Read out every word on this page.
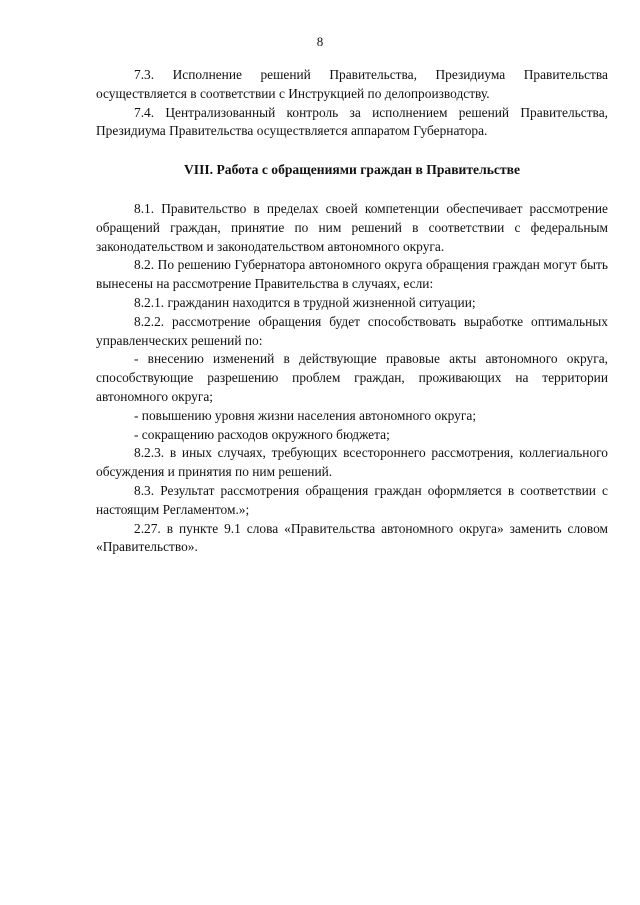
8

7.3. Исполнение решений Правительства, Президиума Правительства осуществляется в соответствии с Инструкцией по делопроизводству.

7.4. Централизованный контроль за исполнением решений Правительства, Президиума Правительства осуществляется аппаратом Губернатора.

VIII. Работа с обращениями граждан в Правительстве

8.1. Правительство в пределах своей компетенции обеспечивает рассмотрение обращений граждан, принятие по ним решений в соответствии с федеральным законодательством и законодательством автономного округа.

8.2. По решению Губернатора автономного округа обращения граждан могут быть вынесены на рассмотрение Правительства в случаях, если:

8.2.1. гражданин находится в трудной жизненной ситуации;

8.2.2. рассмотрение обращения будет способствовать выработке оптимальных управленческих решений по:

- внесению изменений в действующие правовые акты автономного округа, способствующие разрешению проблем граждан, проживающих на территории автономного округа;

- повышению уровня жизни населения автономного округа;

- сокращению расходов окружного бюджета;

8.2.3. в иных случаях, требующих всестороннего рассмотрения, коллегиального обсуждения и принятия по ним решений.

8.3. Результат рассмотрения обращения граждан оформляется в соответствии с настоящим Регламентом.»;

2.27. в пункте 9.1 слова «Правительства автономного округа» заменить словом «Правительство».
